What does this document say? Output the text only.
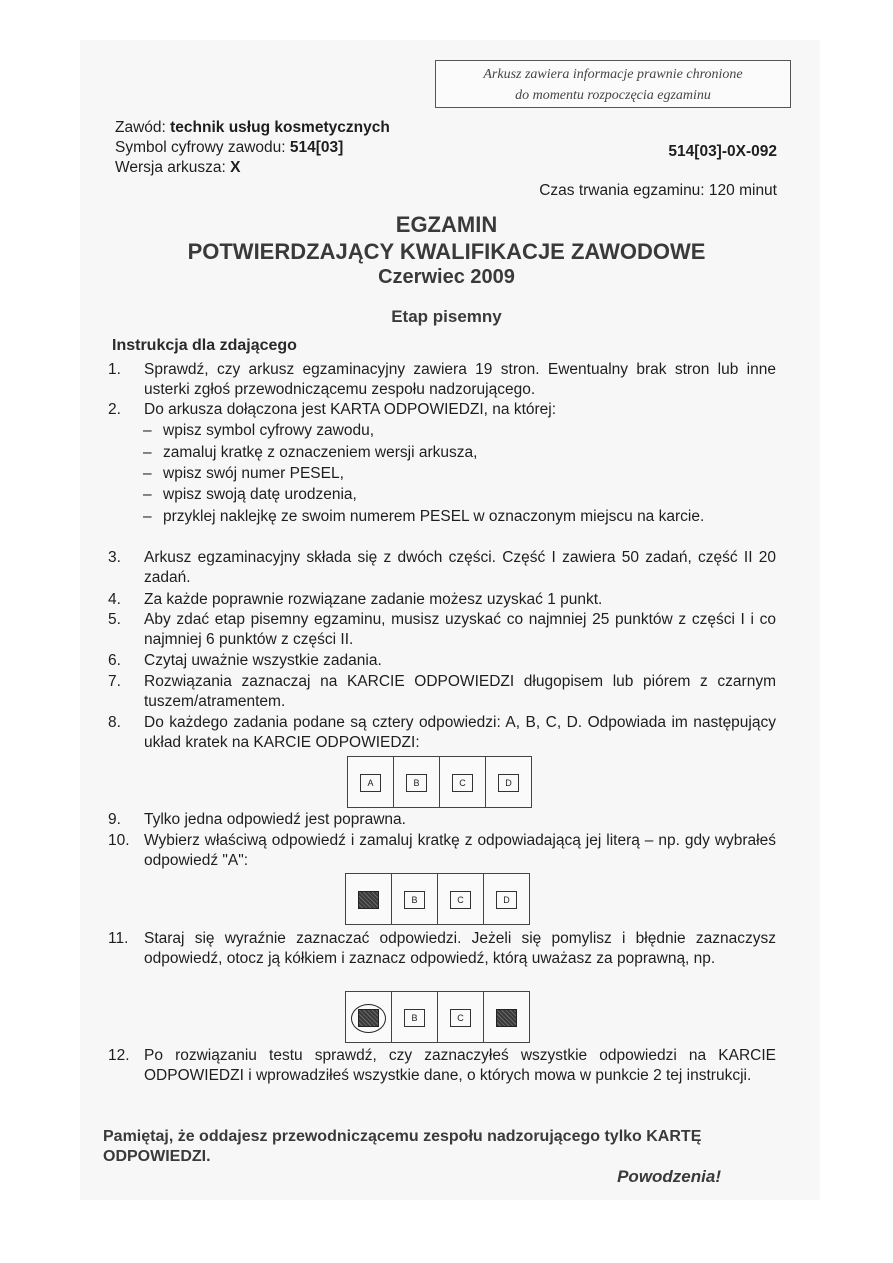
Arkusz zawiera informacje prawnie chronione
do momentu rozpoczęcia egzaminu
Zawód: technik usług kosmetycznych
Symbol cyfrowy zawodu: 514[03]
Wersja arkusza: X
514[03]-0X-092
Czas trwania egzaminu: 120 minut
EGZAMIN
POTWIERDZAJĄCY KWALIFIKACJE ZAWODOWE
Czerwiec 2009
Etap pisemny
Instrukcja dla zdającego
1.	Sprawdź, czy arkusz egzaminacyjny zawiera 19 stron. Ewentualny brak stron lub inne usterki zgłoś przewodniczącemu zespołu nadzorującego.
2.	Do arkusza dołączona jest KARTA ODPOWIEDZI, na której:
– wpisz symbol cyfrowy zawodu,
– zamaluj kratkę z oznaczeniem wersji arkusza,
– wpisz swój numer PESEL,
– wpisz swoją datę urodzenia,
– przyklej naklejkę ze swoim numerem PESEL w oznaczonym miejscu na karcie.
3.	Arkusz egzaminacyjny składa się z dwóch części. Część I zawiera 50 zadań, część II 20 zadań.
4.	Za każde poprawnie rozwiązane zadanie możesz uzyskać 1 punkt.
5.	Aby zdać etap pisemny egzaminu, musisz uzyskać co najmniej 25 punktów z części I i co najmniej 6 punktów z części II.
6.	Czytaj uważnie wszystkie zadania.
7.	Rozwiązania zaznaczaj na KARCIE ODPOWIEDZI długopisem lub piórem z czarnym tuszem/atramentem.
8.	Do każdego zadania podane są cztery odpowiedzi: A, B, C, D. Odpowiada im następujący układ kratek na KARCIE ODPOWIEDZI:
A	B	C	D
9.	Tylko jedna odpowiedź jest poprawna.
10. Wybierz właściwą odpowiedź i zamaluj kratkę z odpowiadającą jej literą – np. gdy wybrałeś odpowiedź "A":
B	C	D
11.	Staraj się wyraźnie zaznaczać odpowiedzi. Jeżeli się pomylisz i błędnie zaznaczysz odpowiedź, otocz ją kółkiem i zaznacz odpowiedź, którą uważasz za poprawną, np.
B	C
12. Po rozwiązaniu testu sprawdź, czy zaznaczyłeś wszystkie odpowiedzi na KARCIE ODPOWIEDZI i wprowadziłeś wszystkie dane, o których mowa w punkcie 2 tej instrukcji.
Pamiętaj, że oddajesz przewodniczącemu zespołu nadzorującego tylko KARTĘ ODPOWIEDZI.
Powodzenia!
